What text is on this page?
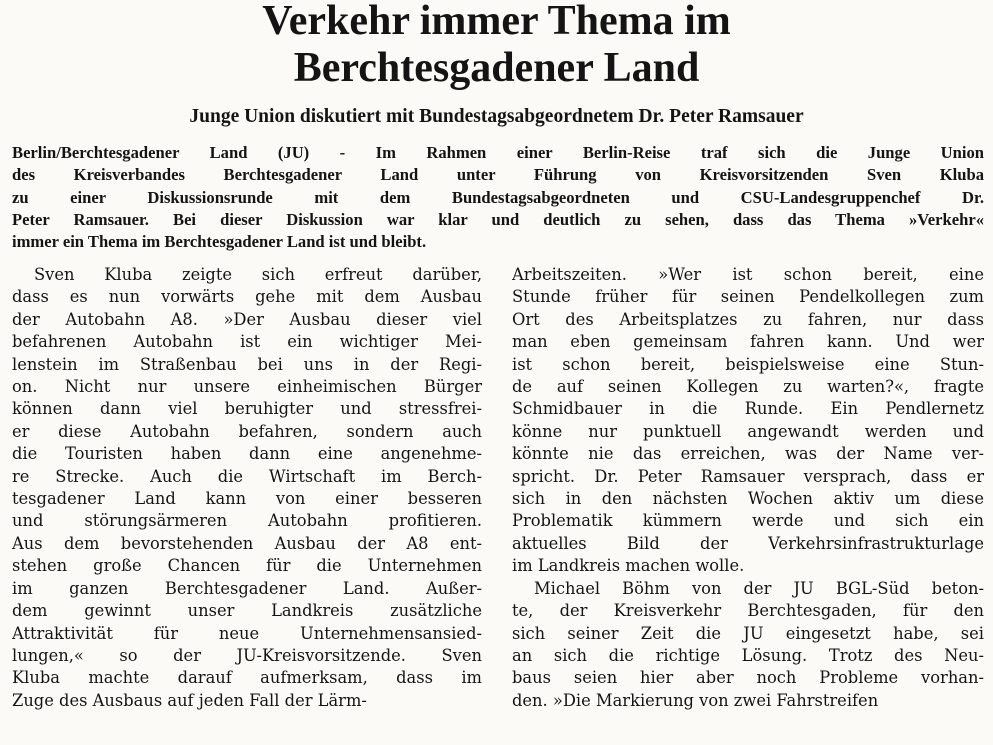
Verkehr immer Thema im
Berchtesgadener Land
Junge Union diskutiert mit Bundestagsabgeordnetem Dr. Peter Ramsauer
Berlin/Berchtesgadener Land (JU) - Im Rahmen einer Berlin-Reise traf sich die Junge Union
des Kreisverbandes Berchtesgadener Land unter Führung von Kreisvorsitzenden Sven Kluba
zu einer Diskussionsrunde mit dem Bundestagsabgeordneten und CSU-Landesgruppenchef Dr.
Peter Ramsauer. Bei dieser Diskussion war klar und deutlich zu sehen, dass das Thema »Verkehr«
immer ein Thema im Berchtesgadener Land ist und bleibt.
Sven Kluba zeigte sich erfreut darüber,
dass es nun vorwärts gehe mit dem Ausbau
der Autobahn A8. »Der Ausbau dieser viel
befahrenen Autobahn ist ein wichtiger Mei-
lenstein im Straßenbau bei uns in der Regi-
on. Nicht nur unsere einheimischen Bürger
können dann viel beruhigter und stressfrei-
er diese Autobahn befahren, sondern auch
die Touristen haben dann eine angenehme-
re Strecke. Auch die Wirtschaft im Berch-
tesgadener Land kann von einer besseren
und störungsärmeren Autobahn profitieren.
Aus dem bevorstehenden Ausbau der A8 ent-
stehen große Chancen für die Unternehmen
im ganzen Berchtesgadener Land. Außer-
dem gewinnt unser Landkreis zusätzliche
Attraktivität für neue Unternehmensansied-
lungen,« so der JU-Kreisvorsitzende. Sven
Kluba machte darauf aufmerksam, dass im
Zuge des Ausbaus auf jeden Fall der Lärm-
Arbeitszeiten. »Wer ist schon bereit, eine
Stunde früher für seinen Pendelkollegen zum
Ort des Arbeitsplatzes zu fahren, nur dass
man eben gemeinsam fahren kann. Und wer
ist schon bereit, beispielsweise eine Stun-
de auf seinen Kollegen zu warten?«, fragte
Schmidbauer in die Runde. Ein Pendlernetz
könne nur punktuell angewandt werden und
könnte nie das erreichen, was der Name ver-
spricht. Dr. Peter Ramsauer versprach, dass er
sich in den nächsten Wochen aktiv um diese
Problematik kümmern werde und sich ein
aktuelles Bild der Verkehrsinfrastrukturlage
im Landkreis machen wolle.
Michael Böhm von der JU BGL-Süd beton-
te, der Kreisverkehr Berchtesgaden, für den
sich seiner Zeit die JU eingesetzt habe, sei
an sich die richtige Lösung. Trotz des Neu-
baus seien hier aber noch Probleme vorhan-
den. »Die Markierung von zwei Fahrstreifen
